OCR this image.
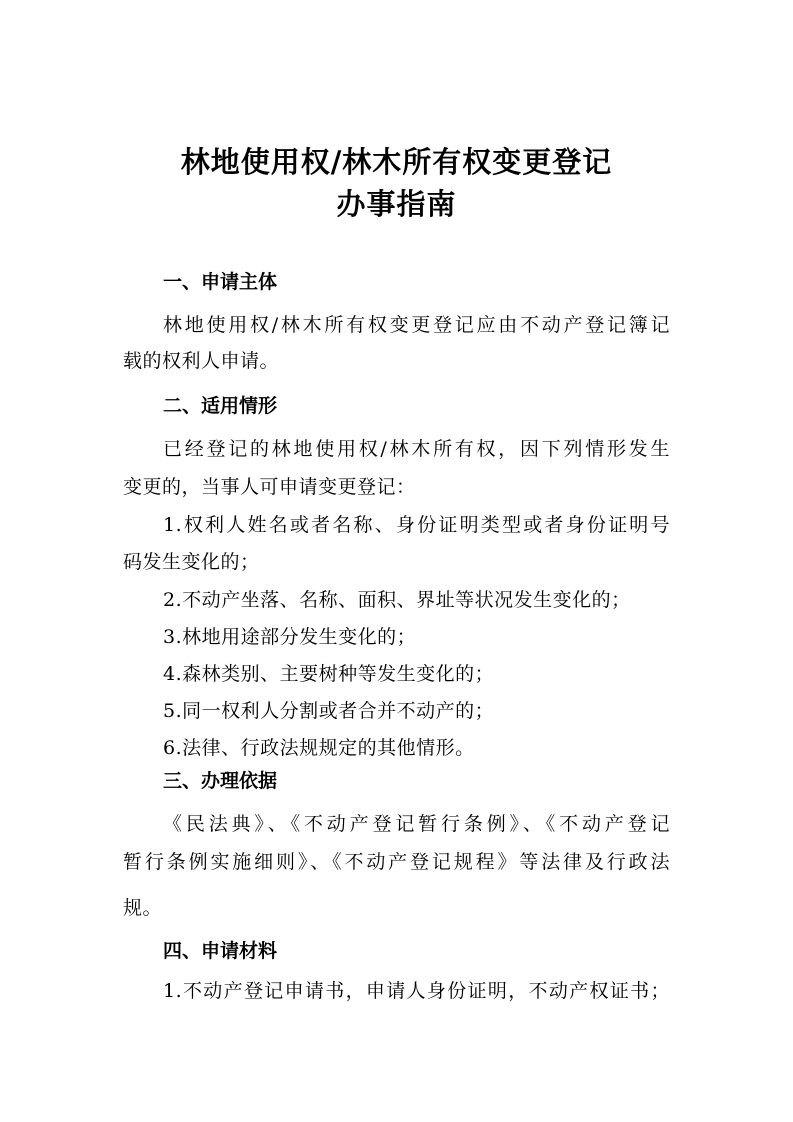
林地使用权/林木所有权变更登记
办事指南
一、申请主体
林地使用权/林木所有权变更登记应由不动产登记簿记
载的权利人申请。
二、适用情形
已经登记的林地使用权/林木所有权，因下列情形发生
变更的，当事人可申请变更登记：
1.权利人姓名或者名称、身份证明类型或者身份证明号
码发生变化的；
2.不动产坐落、名称、面积、界址等状况发生变化的；
3.林地用途部分发生变化的；
4.森林类别、主要树种等发生变化的；
5.同一权利人分割或者合并不动产的；
6.法律、行政法规规定的其他情形。
三、办理依据
《民法典》、《不动产登记暂行条例》、《不动产登记
暂行条例实施细则》、《不动产登记规程》等法律及行政法
规。
四、申请材料
1.不动产登记申请书，申请人身份证明，不动产权证书；
